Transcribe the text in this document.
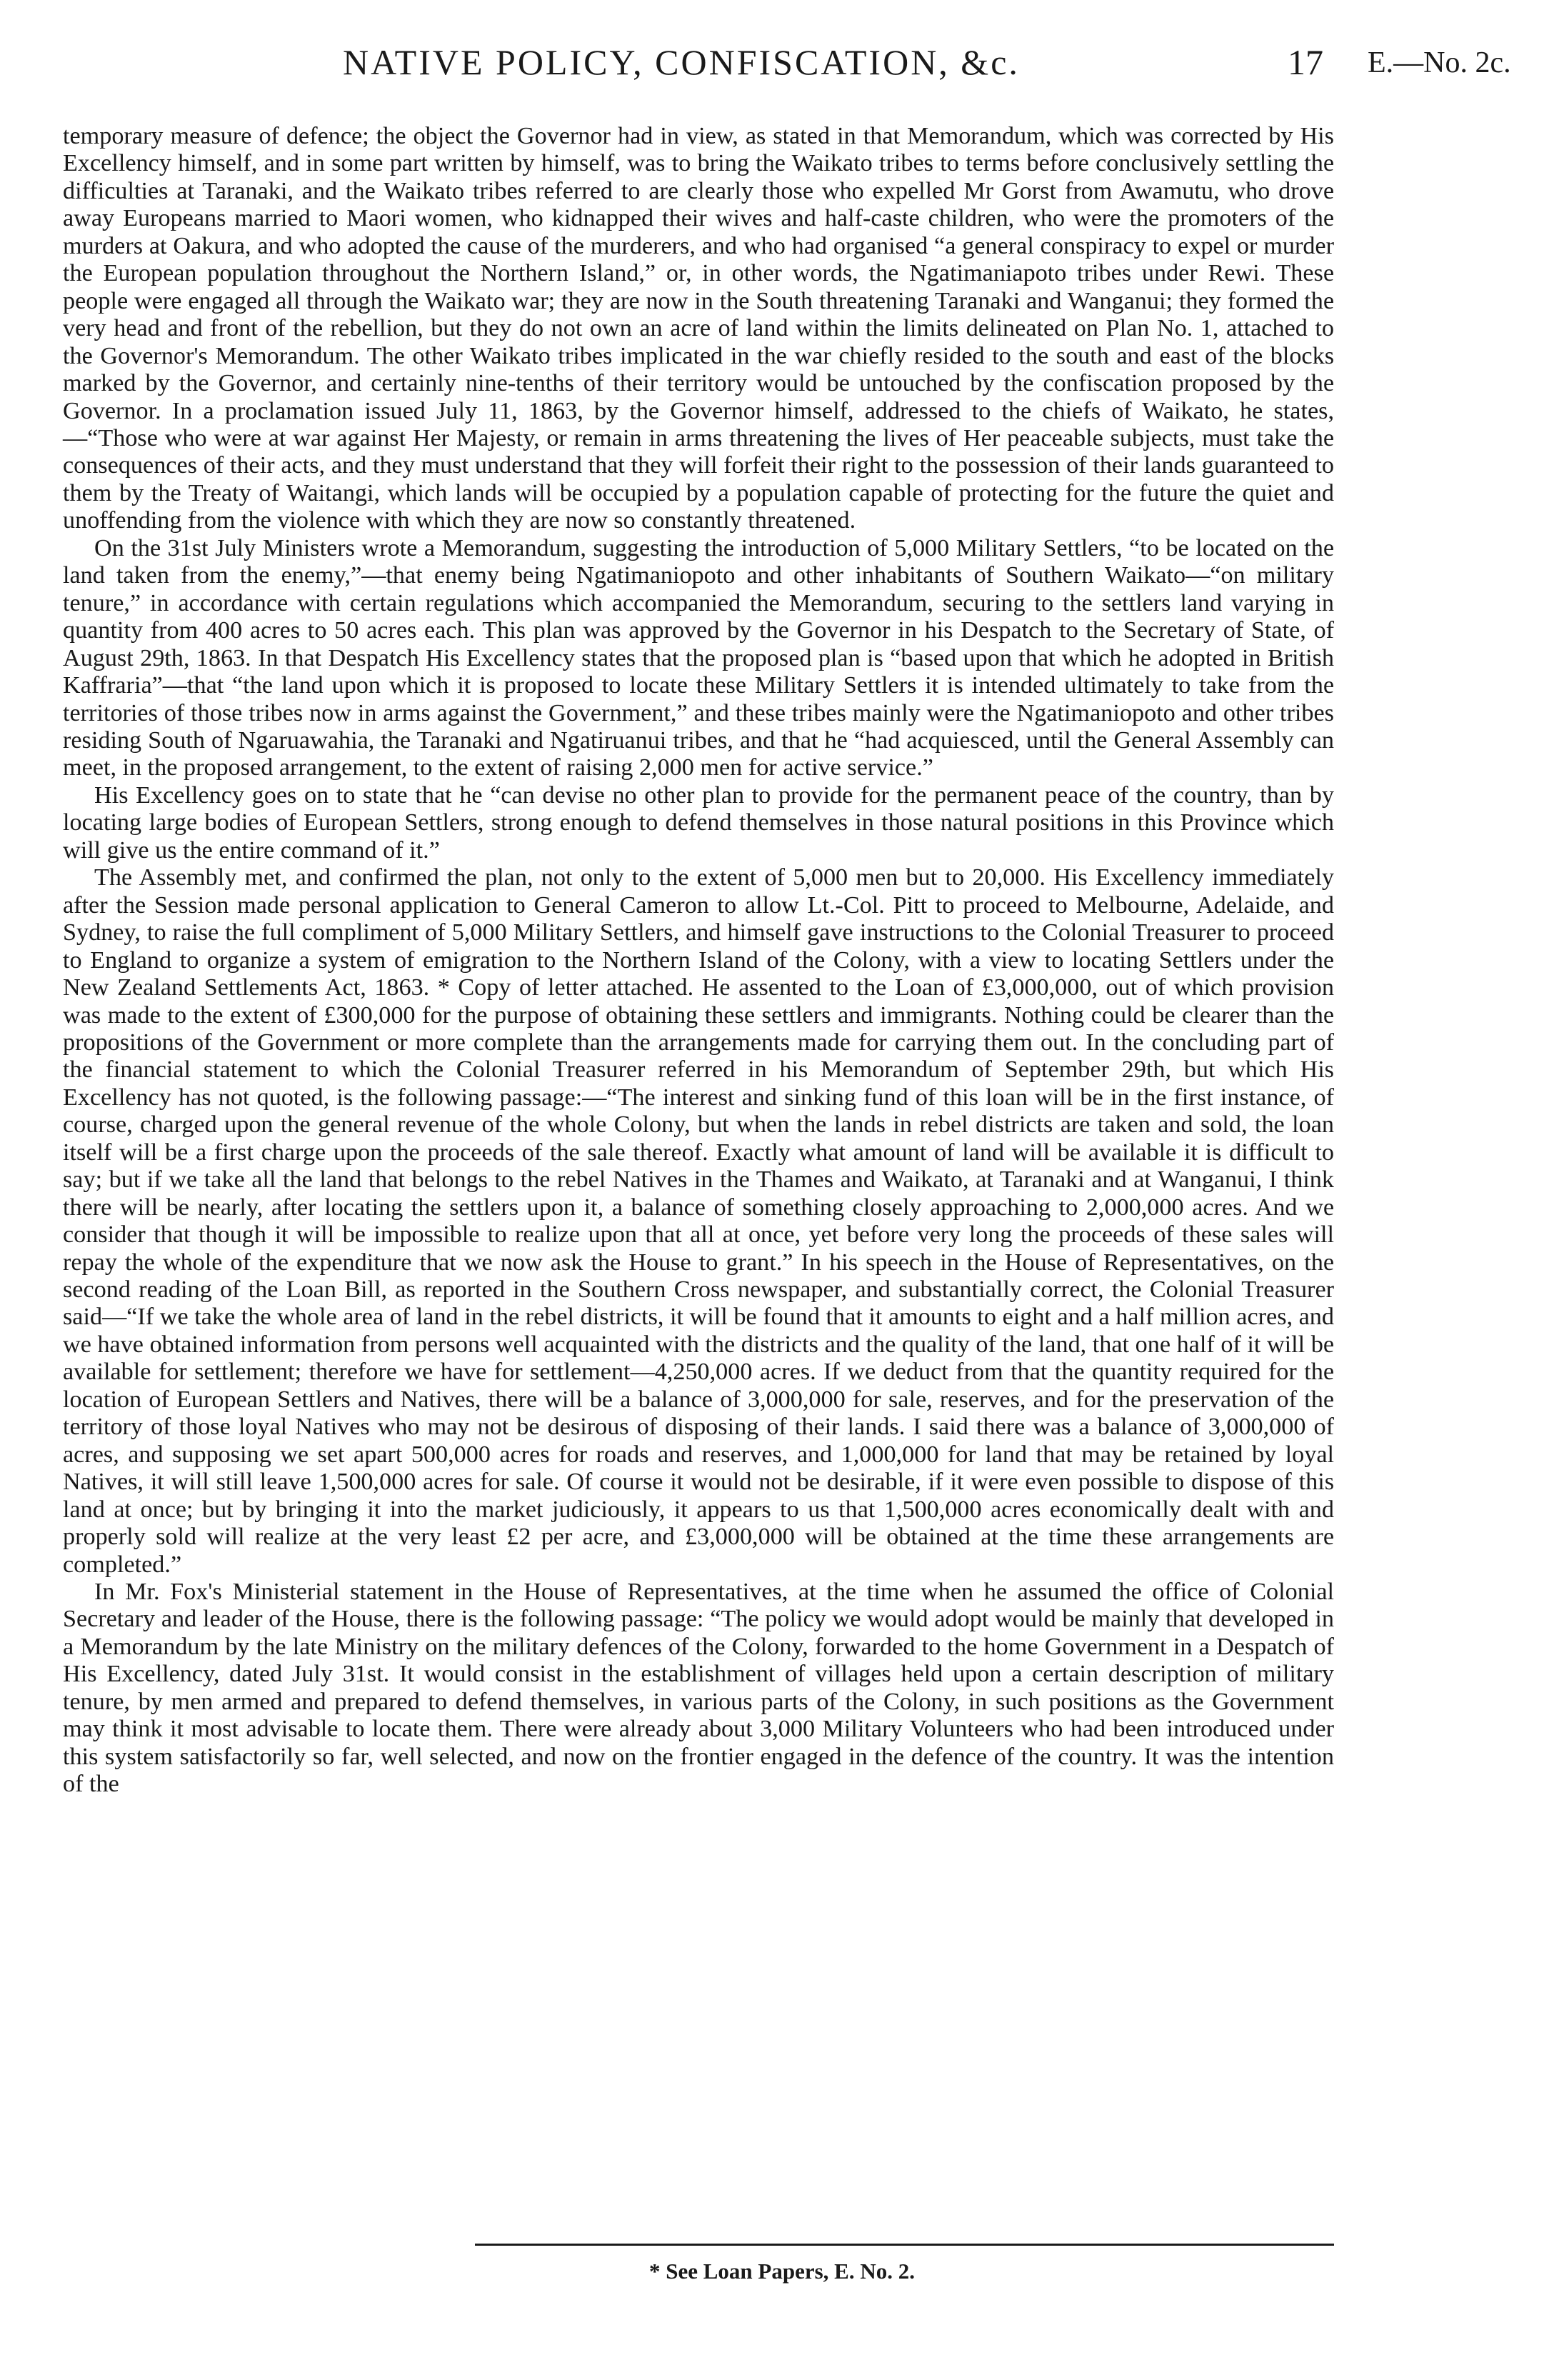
NATIVE POLICY, CONFISCATION, &c.	17 E.—No. 2c.

temporary measure of defence; the object the Governor had in view, as stated in that Memorandum, which was corrected by His Excellency himself, and in some part written by himself, was to bring the Waikato tribes to terms before conclusively settling the difficulties at Taranaki, and the Waikato tribes referred to are clearly those who expelled Mr Gorst from Awamutu, who drove away Europeans married to Maori women, who kidnapped their wives and half-caste children, who were the promoters of the murders at Oakura, and who adopted the cause of the murderers, and who had organised “a general conspiracy to expel or murder the European population throughout the Northern Island,” or, in other words, the Ngatimaniapoto tribes under Rewi. These people were engaged all through the Waikato war; they are now in the South threatening Taranaki and Wanganui; they formed the very head and front of the rebellion, but they do not own an acre of land within the limits delineated on Plan No. 1, attached to the Governor's Memorandum. The other Waikato tribes implicated in the war chiefly resided to the south and east of the blocks marked by the Governor, and certainly nine-tenths of their territory would be untouched by the confiscation proposed by the Governor. In a proclamation issued July 11, 1863, by the Governor himself, addressed to the chiefs of Waikato, he states,—“Those who were at war against Her Majesty, or remain in arms threatening the lives of Her peaceable subjects, must take the consequences of their acts, and they must understand that they will forfeit their right to the possession of their lands guaranteed to them by the Treaty of Waitangi, which lands will be occupied by a population capable of protecting for the future the quiet and unoffending from the violence with which they are now so constantly threatened.

On the 31st July Ministers wrote a Memorandum, suggesting the introduction of 5,000 Military Settlers, “to be located on the land taken from the enemy,”—that enemy being Ngatimaniopoto and other inhabitants of Southern Waikato—“on military tenure,” in accordance with certain regulations which accompanied the Memorandum, securing to the settlers land varying in quantity from 400 acres to 50 acres each. This plan was approved by the Governor in his Despatch to the Secretary of State, of August 29th, 1863. In that Despatch His Excellency states that the proposed plan is “based upon that which he adopted in British Kaffraria”—that “the land upon which it is proposed to locate these Military Settlers it is intended ultimately to take from the territories of those tribes now in arms against the Government,” and these tribes mainly were the Ngatimaniopoto and other tribes residing South of Ngaruawahia, the Taranaki and Ngatiruanui tribes, and that he “had acquiesced, until the General Assembly can meet, in the proposed arrangement, to the extent of raising 2,000 men for active service.”

His Excellency goes on to state that he “can devise no other plan to provide for the permanent peace of the country, than by locating large bodies of European Settlers, strong enough to defend themselves in those natural positions in this Province which will give us the entire command of it.”

The Assembly met, and confirmed the plan, not only to the extent of 5,000 men but to 20,000. His Excellency immediately after the Session made personal application to General Cameron to allow Lt.-Col. Pitt to proceed to Melbourne, Adelaide, and Sydney, to raise the full compliment of 5,000 Military Settlers, and himself gave instructions to the Colonial Treasurer to proceed to England to organize a system of emigration to the Northern Island of the Colony, with a view to locating Settlers under the New Zealand Settlements Act, 1863. * Copy of letter attached. He assented to the Loan of £3,000,000, out of which provision was made to the extent of £300,000 for the purpose of obtaining these settlers and immigrants. Nothing could be clearer than the propositions of the Government or more complete than the arrangements made for carrying them out. In the concluding part of the financial statement to which the Colonial Treasurer referred in his Memorandum of September 29th, but which His Excellency has not quoted, is the following passage:—“The interest and sinking fund of this loan will be in the first instance, of course, charged upon the general revenue of the whole Colony, but when the lands in rebel districts are taken and sold, the loan itself will be a first charge upon the proceeds of the sale thereof. Exactly what amount of land will be available it is difficult to say; but if we take all the land that belongs to the rebel Natives in the Thames and Waikato, at Taranaki and at Wanganui, I think there will be nearly, after locating the settlers upon it, a balance of something closely approaching to 2,000,000 acres. And we consider that though it will be impossible to realize upon that all at once, yet before very long the proceeds of these sales will repay the whole of the expenditure that we now ask the House to grant.” In his speech in the House of Representatives, on the second reading of the Loan Bill, as reported in the Southern Cross newspaper, and substantially correct, the Colonial Treasurer said—“If we take the whole area of land in the rebel districts, it will be found that it amounts to eight and a half million acres, and we have obtained information from persons well acquainted with the districts and the quality of the land, that one half of it will be available for settlement; therefore we have for settlement—4,250,000 acres. If we deduct from that the quantity required for the location of European Settlers and Natives, there will be a balance of 3,000,000 for sale, reserves, and for the preservation of the territory of those loyal Natives who may not be desirous of disposing of their lands. I said there was a balance of 3,000,000 of acres, and supposing we set apart 500,000 acres for roads and reserves, and 1,000,000 for land that may be retained by loyal Natives, it will still leave 1,500,000 acres for sale. Of course it would not be desirable, if it were even possible to dispose of this land at once; but by bringing it into the market judiciously, it appears to us that 1,500,000 acres economically dealt with and properly sold will realize at the very least £2 per acre, and £3,000,000 will be obtained at the time these arrangements are completed.”

In Mr. Fox's Ministerial statement in the House of Representatives, at the time when he assumed the office of Colonial Secretary and leader of the House, there is the following passage: “The policy we would adopt would be mainly that developed in a Memorandum by the late Ministry on the military defences of the Colony, forwarded to the home Government in a Despatch of His Excellency, dated July 31st. It would consist in the establishment of villages held upon a certain description of military tenure, by men armed and prepared to defend themselves, in various parts of the Colony, in such positions as the Government may think it most advisable to locate them. There were already about 3,000 Military Volunteers who had been introduced under this system satisfactorily so far, well selected, and now on the frontier engaged in the defence of the country. It was the intention of the

* See Loan Papers, E. No. 2.
